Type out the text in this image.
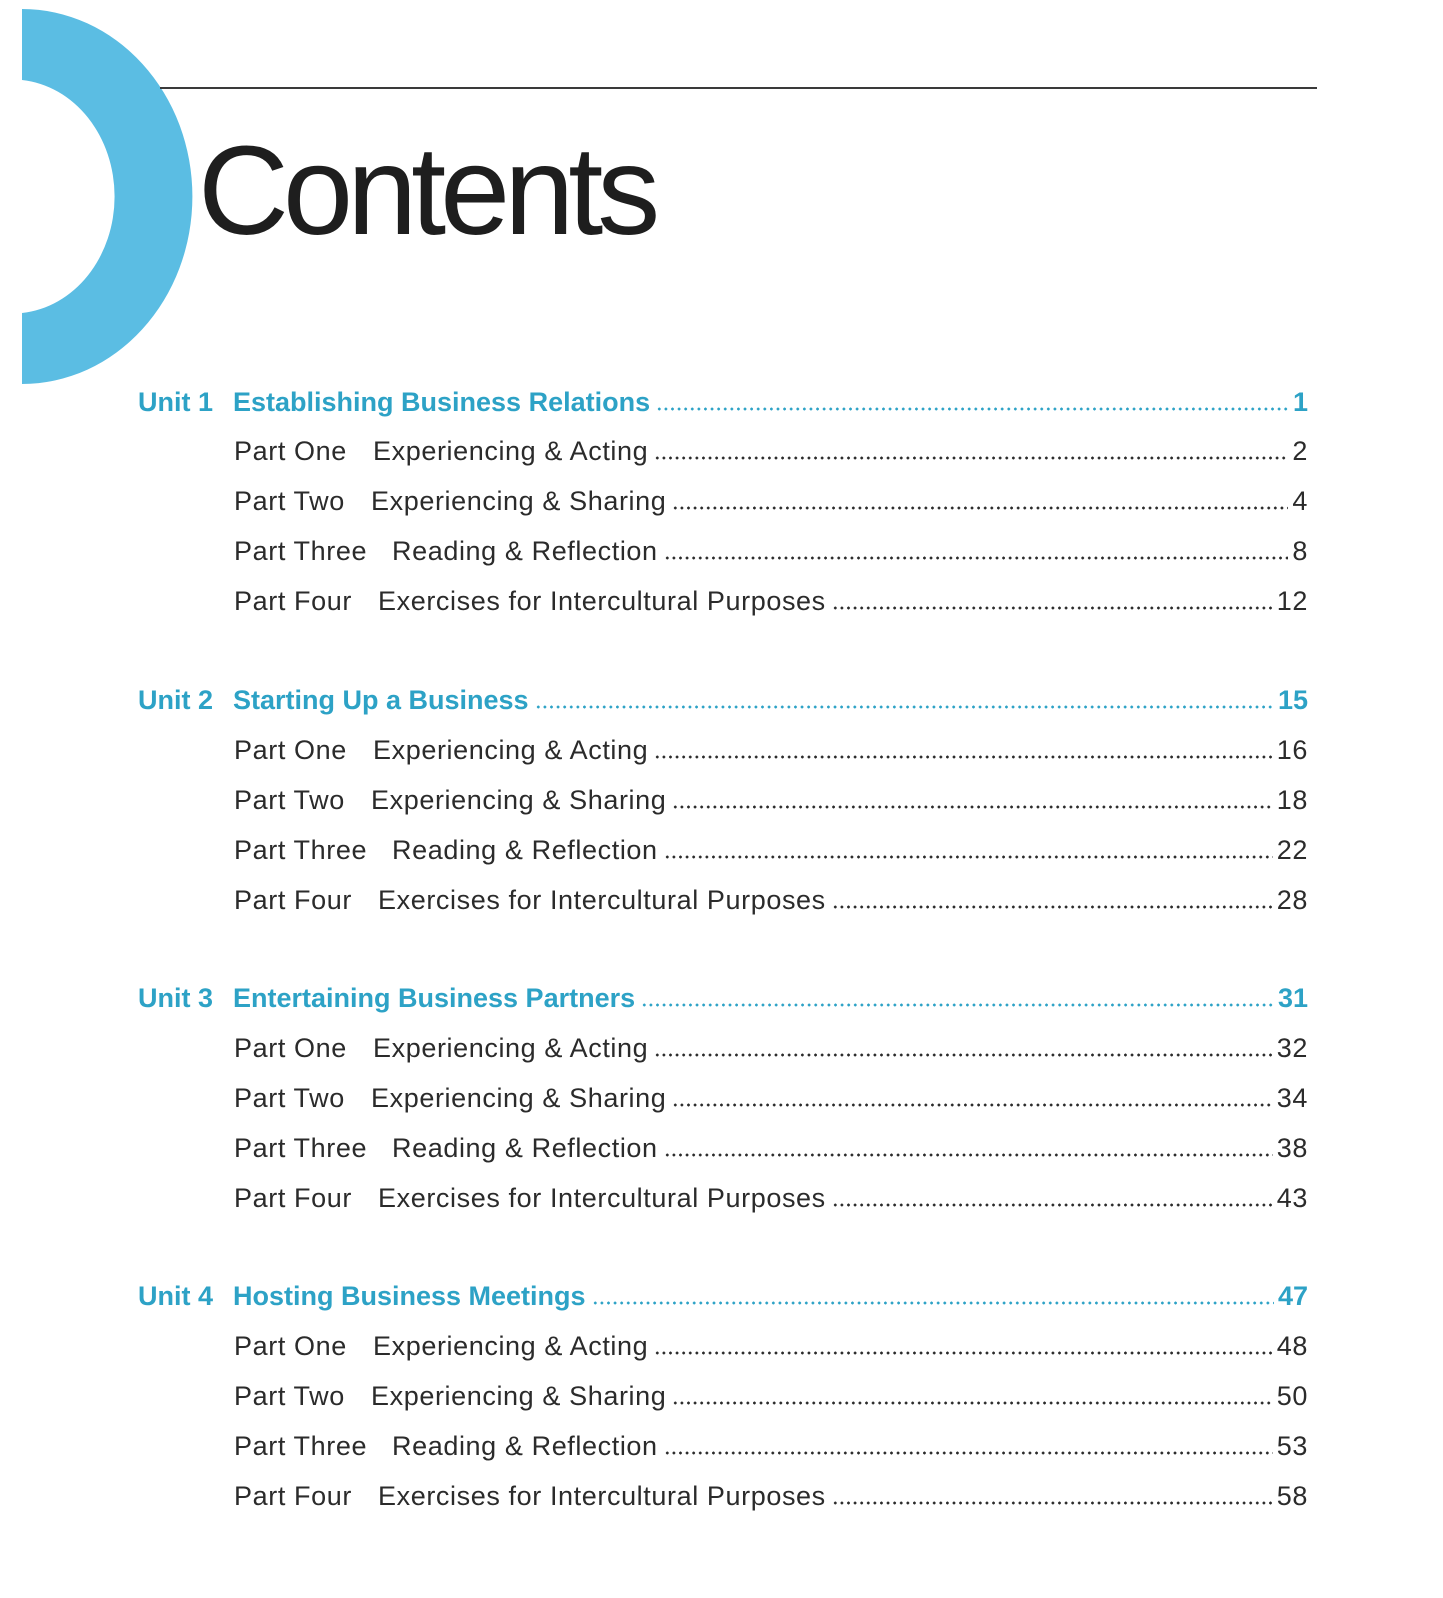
Contents
Unit 1 Establishing Business Relations	1
Part One Experiencing & Acting	2
Part Two Experiencing & Sharing	4
Part Three Reading & Reflection	8
Part Four Exercises for Intercultural Purposes	12
Unit 2 Starting Up a Business	15
Part One Experiencing & Acting	16
Part Two Experiencing & Sharing	18
Part Three Reading & Reflection	22
Part Four Exercises for Intercultural Purposes	28
Unit 3 Entertaining Business Partners	31
Part One Experiencing & Acting	32
Part Two Experiencing & Sharing	34
Part Three Reading & Reflection	38
Part Four Exercises for Intercultural Purposes	43
Unit 4 Hosting Business Meetings	47
Part One Experiencing & Acting	48
Part Two Experiencing & Sharing	50
Part Three Reading & Reflection	53
Part Four Exercises for Intercultural Purposes	58
